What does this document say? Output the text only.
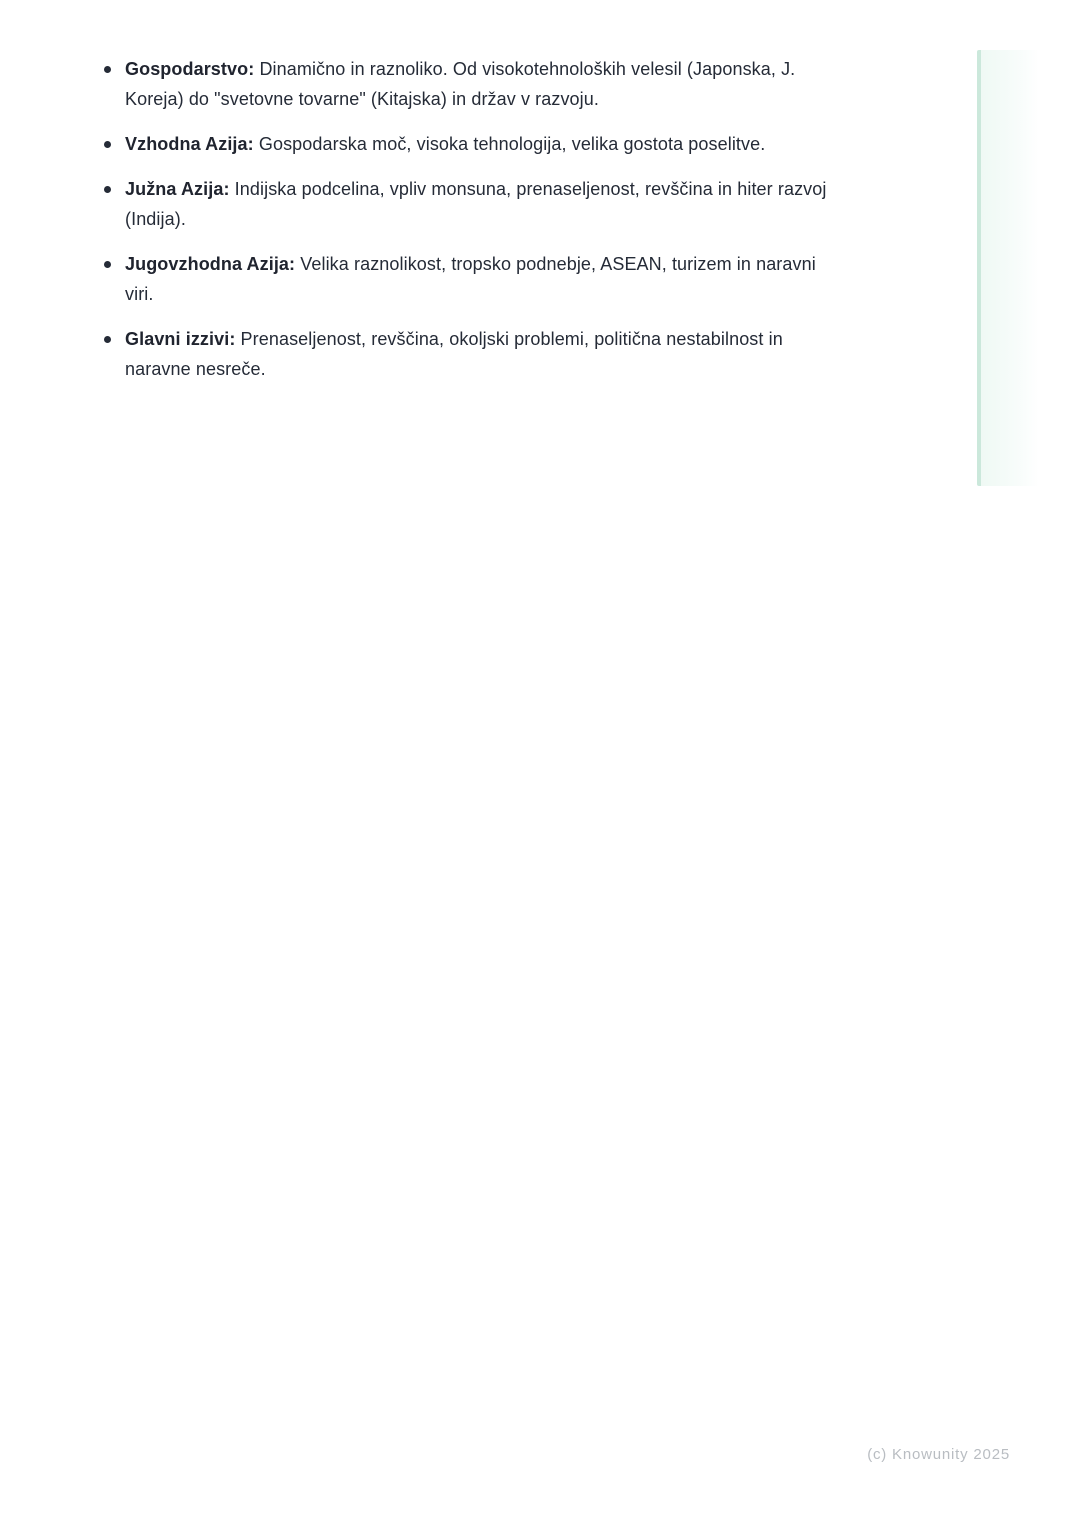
Gospodarstvo: Dinamično in raznoliko. Od visokotehnoloških velesil (Japonska, J. Koreja) do "svetovne tovarne" (Kitajska) in držav v razvoju.
Vzhodna Azija: Gospodarska moč, visoka tehnologija, velika gostota poselitve.
Južna Azija: Indijska podcelina, vpliv monsuna, prenaseljenost, revščina in hiter razvoj (Indija).
Jugovzhodna Azija: Velika raznolikost, tropsko podnebje, ASEAN, turizem in naravni viri.
Glavni izzivi: Prenaseljenost, revščina, okoljski problemi, politična nestabilnost in naravne nesreče.
(c) Knowunity 2025
